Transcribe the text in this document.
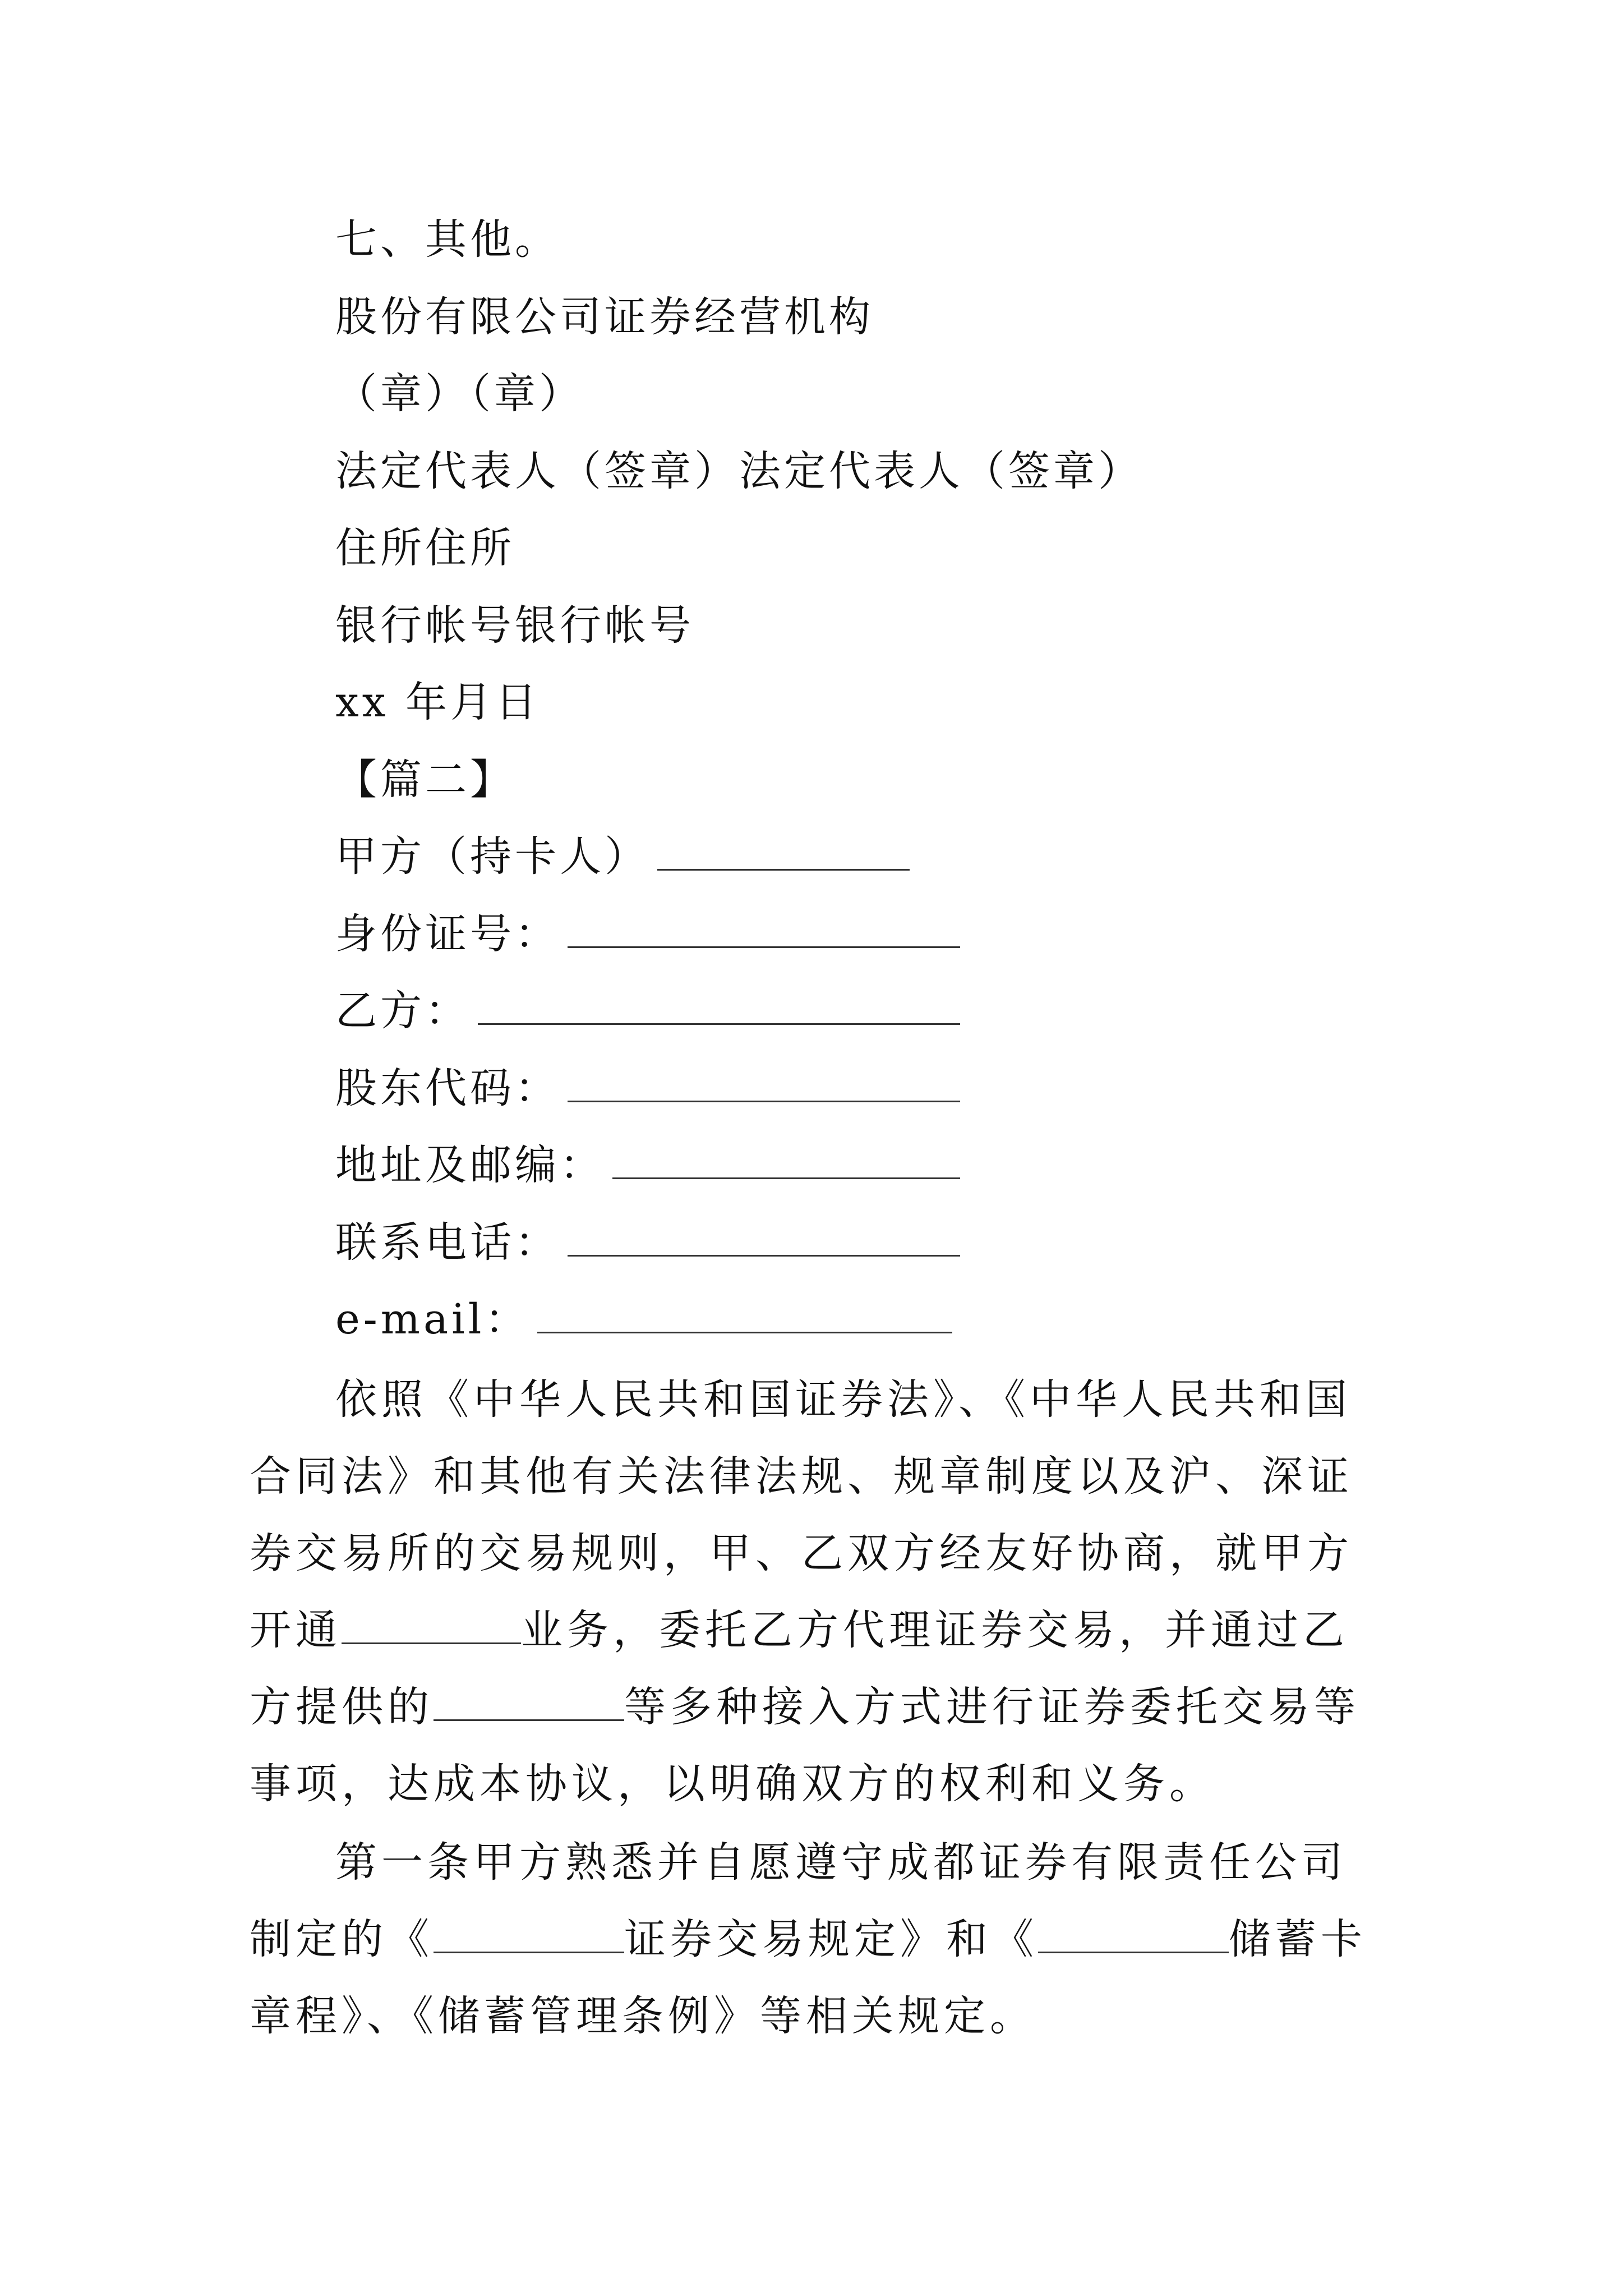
七、其他。
股份有限公司证券经营机构
（章）（章）
法定代表人（签章）法定代表人（签章）
住所住所
银行帐号银行帐号
xx 年月日
【篇二】
甲方（持卡人）
身份证号：
乙方：
股东代码：
地址及邮编：
联系电话：
e-mail：
依照《中华人民共和国证券法》、《中华人民共和国合同法》和其他有关法律法规、规章制度以及沪、深证券交易所的交易规则，甲、乙双方经友好协商，就甲方开通	业务，委托乙方代理证券交易，并通过乙方提供的	等多种接入方式进行证券委托交易等事项，达成本协议，以明确双方的权利和义务。
第一条甲方熟悉并自愿遵守成都证券有限责任公司制定的《	证券交易规定》和《	储蓄卡章程》、《储蓄管理条例》等相关规定。
